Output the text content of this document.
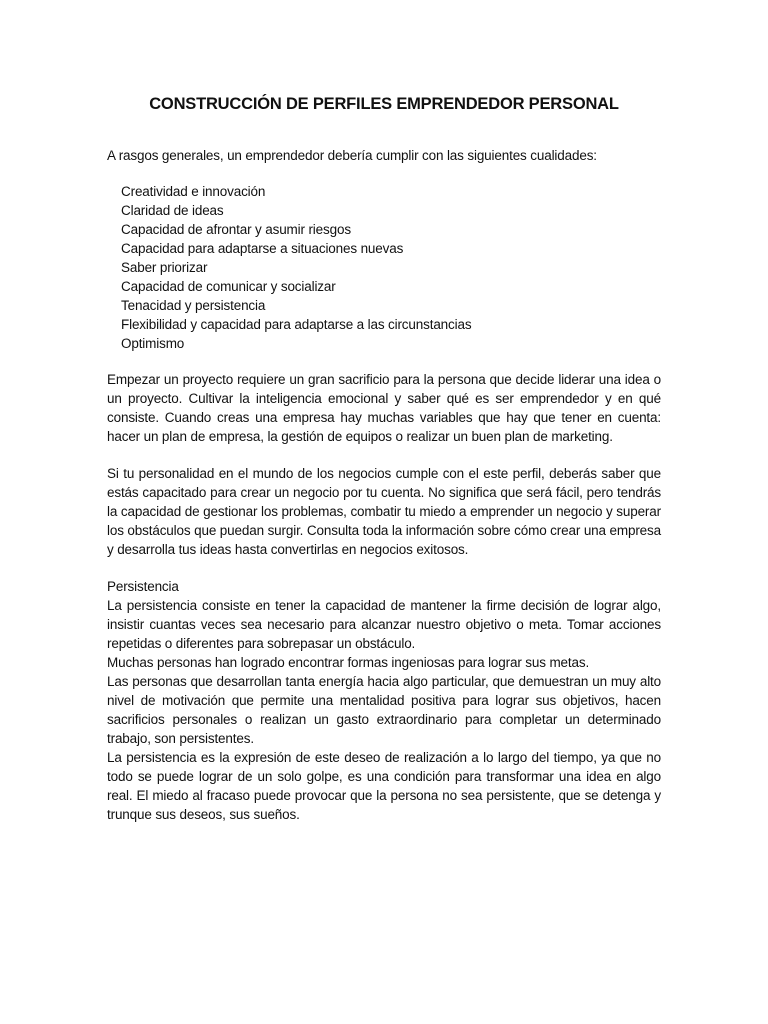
CONSTRUCCIÓN DE PERFILES EMPRENDEDOR PERSONAL

A rasgos generales, un emprendedor debería cumplir con las siguientes cualidades:

Creatividad e innovación
Claridad de ideas
Capacidad de afrontar y asumir riesgos
Capacidad para adaptarse a situaciones nuevas
Saber priorizar
Capacidad de comunicar y socializar
Tenacidad y persistencia
Flexibilidad y capacidad para adaptarse a las circunstancias
Optimismo

Empezar un proyecto requiere un gran sacrificio para la persona que decide liderar una idea o un proyecto. Cultivar la inteligencia emocional y saber qué es ser emprendedor y en qué consiste. Cuando creas una empresa hay muchas variables que hay que tener en cuenta: hacer un plan de empresa, la gestión de equipos o realizar un buen plan de marketing.

Si tu personalidad en el mundo de los negocios cumple con el este perfil, deberás saber que estás capacitado para crear un negocio por tu cuenta. No significa que será fácil, pero tendrás la capacidad de gestionar los problemas, combatir tu miedo a emprender un negocio y superar los obstáculos que puedan surgir. Consulta toda la información sobre cómo crear una empresa y desarrolla tus ideas hasta convertirlas en negocios exitosos.

Persistencia

La persistencia consiste en tener la capacidad de mantener la firme decisión de lograr algo, insistir cuantas veces sea necesario para alcanzar nuestro objetivo o meta. Tomar acciones repetidas o diferentes para sobrepasar un obstáculo.

Muchas personas han logrado encontrar formas ingeniosas para lograr sus metas.

Las personas que desarrollan tanta energía hacia algo particular, que demuestran un muy alto nivel de motivación que permite una mentalidad positiva para lograr sus objetivos, hacen sacrificios personales o realizan un gasto extraordinario para completar un determinado trabajo, son persistentes.

La persistencia es la expresión de este deseo de realización a lo largo del tiempo, ya que no todo se puede lograr de un solo golpe, es una condición para transformar una idea en algo real. El miedo al fracaso puede provocar que la persona no sea persistente, que se detenga y trunque sus deseos, sus sueños.
